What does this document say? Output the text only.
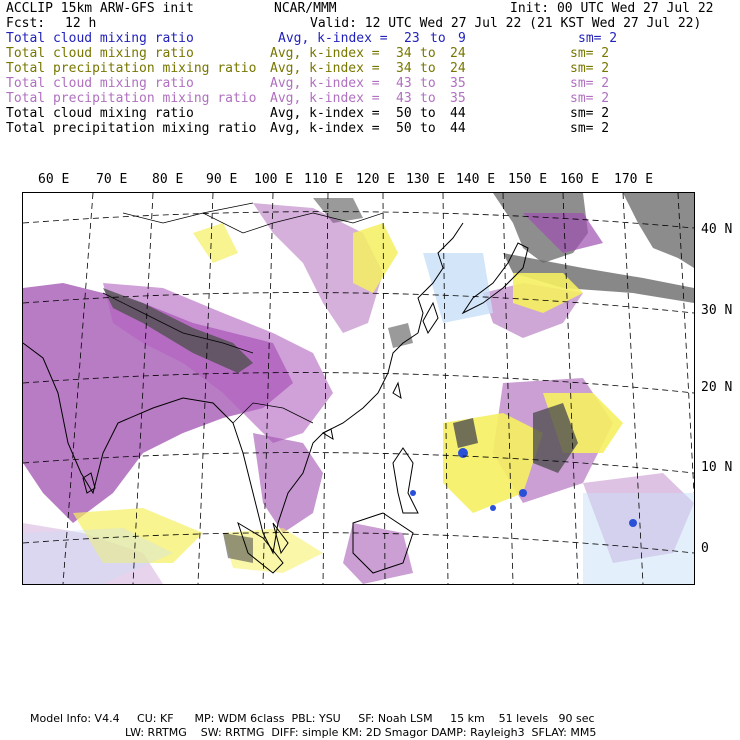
ACCLIP 15km ARW-GFS init	NCAR/MMM	Init: 00 UTC Wed 27 Jul 22
Fcst: 12 h	Valid: 12 UTC Wed 27 Jul 22 (21 KST Wed 27 Jul 22)
Total cloud mixing ratio	Avg, k-index = 23 to 9	sm= 2
Total cloud mixing ratio	Avg, k-index = 34 to 24	sm= 2
Total precipitation mixing ratio Avg, k-index = 34 to 24	sm= 2
Total cloud mixing ratio	Avg, k-index = 43 to 35	sm= 2
Total precipitation mixing ratio Avg, k-index = 43 to 35	sm= 2
Total cloud mixing ratio	Avg, k-index = 50 to 44	sm= 2
Total precipitation mixing ratio Avg, k-index = 50 to 44	sm= 2
60 E 70 E 80 E 90 E 100 E 110 E 120 E 130 E 140 E 150 E 160 E 170 E
40 N
30 N
20 N
10 N
0
Model Info: V4.4     CU: KF      MP: WDM 6class  PBL: YSU     SF: Noah LSM     15 km    51 levels   90 sec
LW: RRTMG    SW: RRTMG  DIFF: simple KM: 2D Smagor DAMP: Rayleigh3  SFLAY: MM5
